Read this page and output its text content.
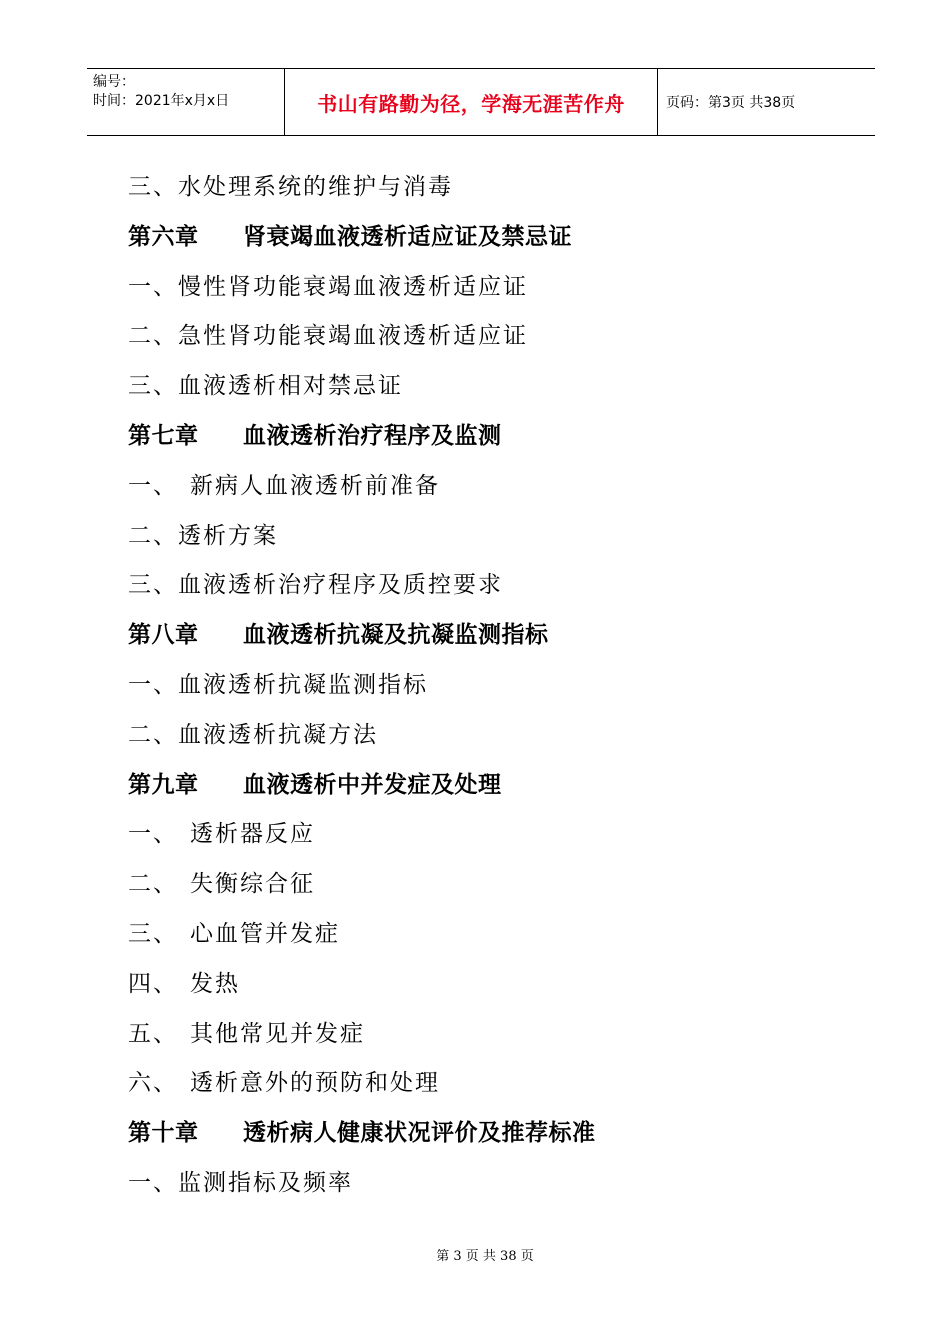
编号：
时间：2021年x月x日	书山有路勤为径，学海无涯苦作舟	页码：第3页 共38页
三、水处理系统的维护与消毒
第六章 肾衰竭血液透析适应证及禁忌证
一、慢性肾功能衰竭血液透析适应证
二、急性肾功能衰竭血液透析适应证
三、血液透析相对禁忌证
第七章 血液透析治疗程序及监测
一、 新病人血液透析前准备
二、透析方案
三、血液透析治疗程序及质控要求
第八章 血液透析抗凝及抗凝监测指标
一、血液透析抗凝监测指标
二、血液透析抗凝方法
第九章 血液透析中并发症及处理
一、 透析器反应
二、 失衡综合征
三、 心血管并发症
四、 发热
五、 其他常见并发症
六、 透析意外的预防和处理
第十章 透析病人健康状况评价及推荐标准
一、监测指标及频率
第 3 页 共 38 页
